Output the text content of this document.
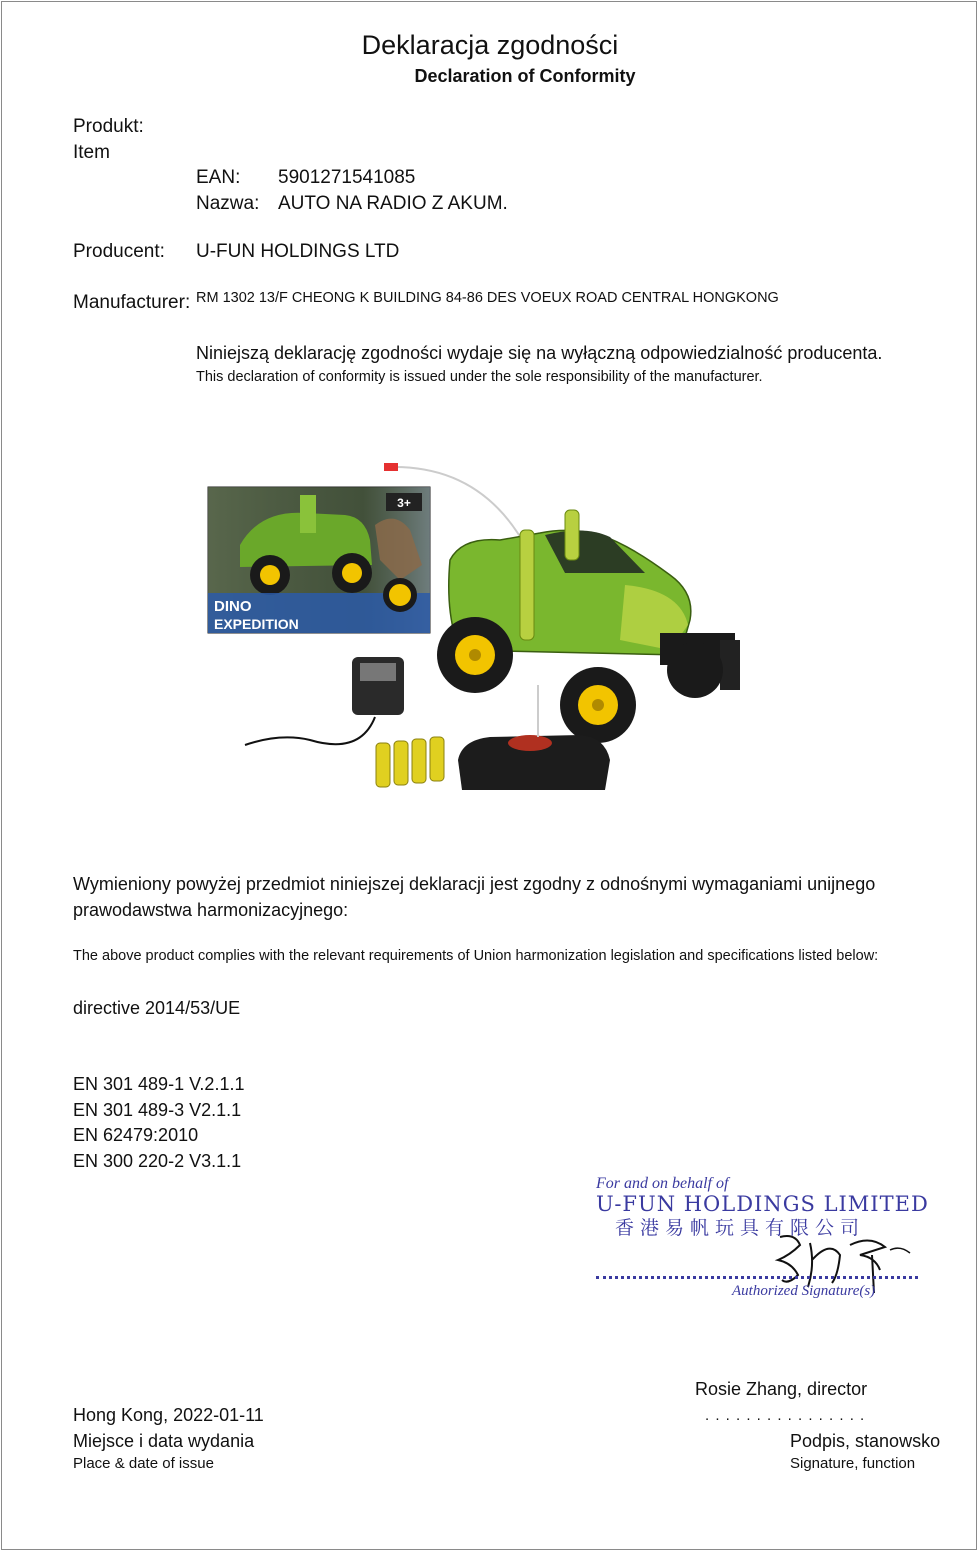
Deklaracja zgodności
Declaration of Conformity
Produkt:
Item
EAN: 5901271541085
Nazwa: AUTO NA RADIO Z AKUM.
Producent: U-FUN HOLDINGS LTD
Manufacturer: RM 1302 13/F CHEONG K BUILDING 84-86 DES VOEUX ROAD CENTRAL HONGKONG
Niniejszą deklarację zgodności wydaje się na wyłączną odpowiedzialność producenta.
This declaration of conformity is issued under the sole responsibility of the manufacturer.
3+
DINO
EXPEDITION
Wymieniony powyżej przedmiot niniejszej deklaracji jest zgodny z odnośnymi wymaganiami unijnego
prawodawstwa harmonizacyjnego:
The above product complies with the relevant requirements of Union harmonization legislation and specifications listed below:
directive 2014/53/UE
EN 301 489-1 V.2.1.1
EN 301 489-3 V2.1.1
EN 62479:2010
EN 300 220-2 V3.1.1
For and on behalf of
U-FUN HOLDINGS LIMITED
香港易帆玩具有限公司
Authorized Signature(s)
Rosie Zhang, director
. . . . . . . . . . . . . . . .
Podpis, stanowsko
Signature, function
Hong Kong, 2022-01-11
Miejsce i data wydania
Place & date of issue
